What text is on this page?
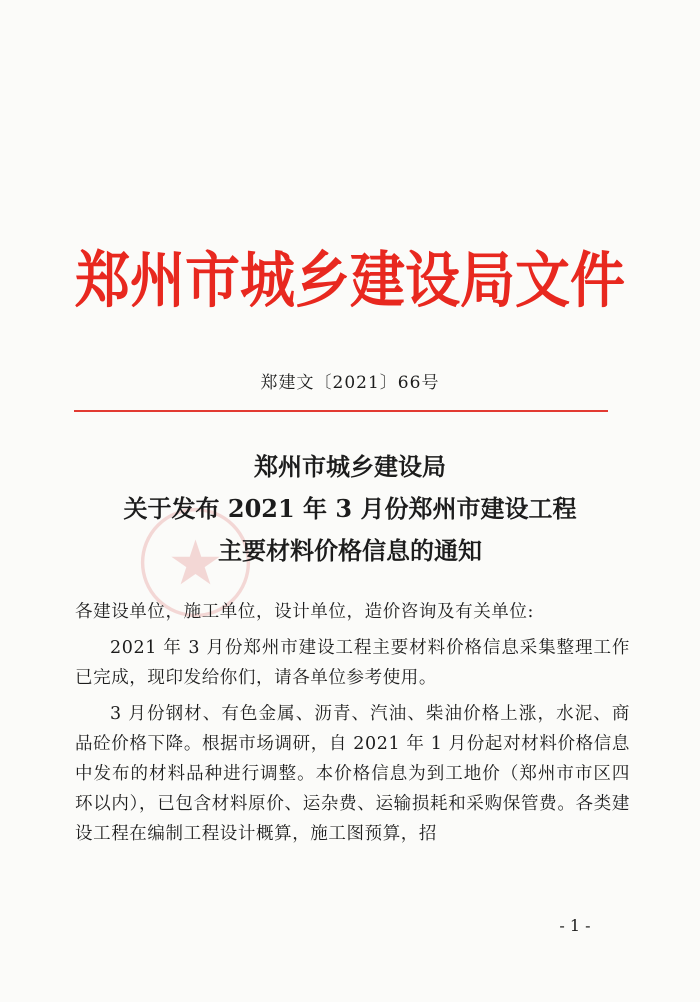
郑州市城乡建设局文件
郑建文〔2021〕66号
郑州市城乡建设局
关于发布 2021 年 3 月份郑州市建设工程
主要材料价格信息的通知

各建设单位，施工单位，设计单位，造价咨询及有关单位:

2021 年 3 月份郑州市建设工程主要材料价格信息采集整理工作已完成，现印发给你们，请各单位参考使用。

3 月份钢材、有色金属、沥青、汽油、柴油价格上涨，水泥、商品砼价格下降。根据市场调研，自 2021 年 1 月份起对材料价格信息中发布的材料品种进行调整。本价格信息为到工地价（郑州市市区四环以内），已包含材料原价、运杂费、运输损耗和采购保管费。各类建设工程在编制工程设计概算，施工图预算，招

- 1 -
